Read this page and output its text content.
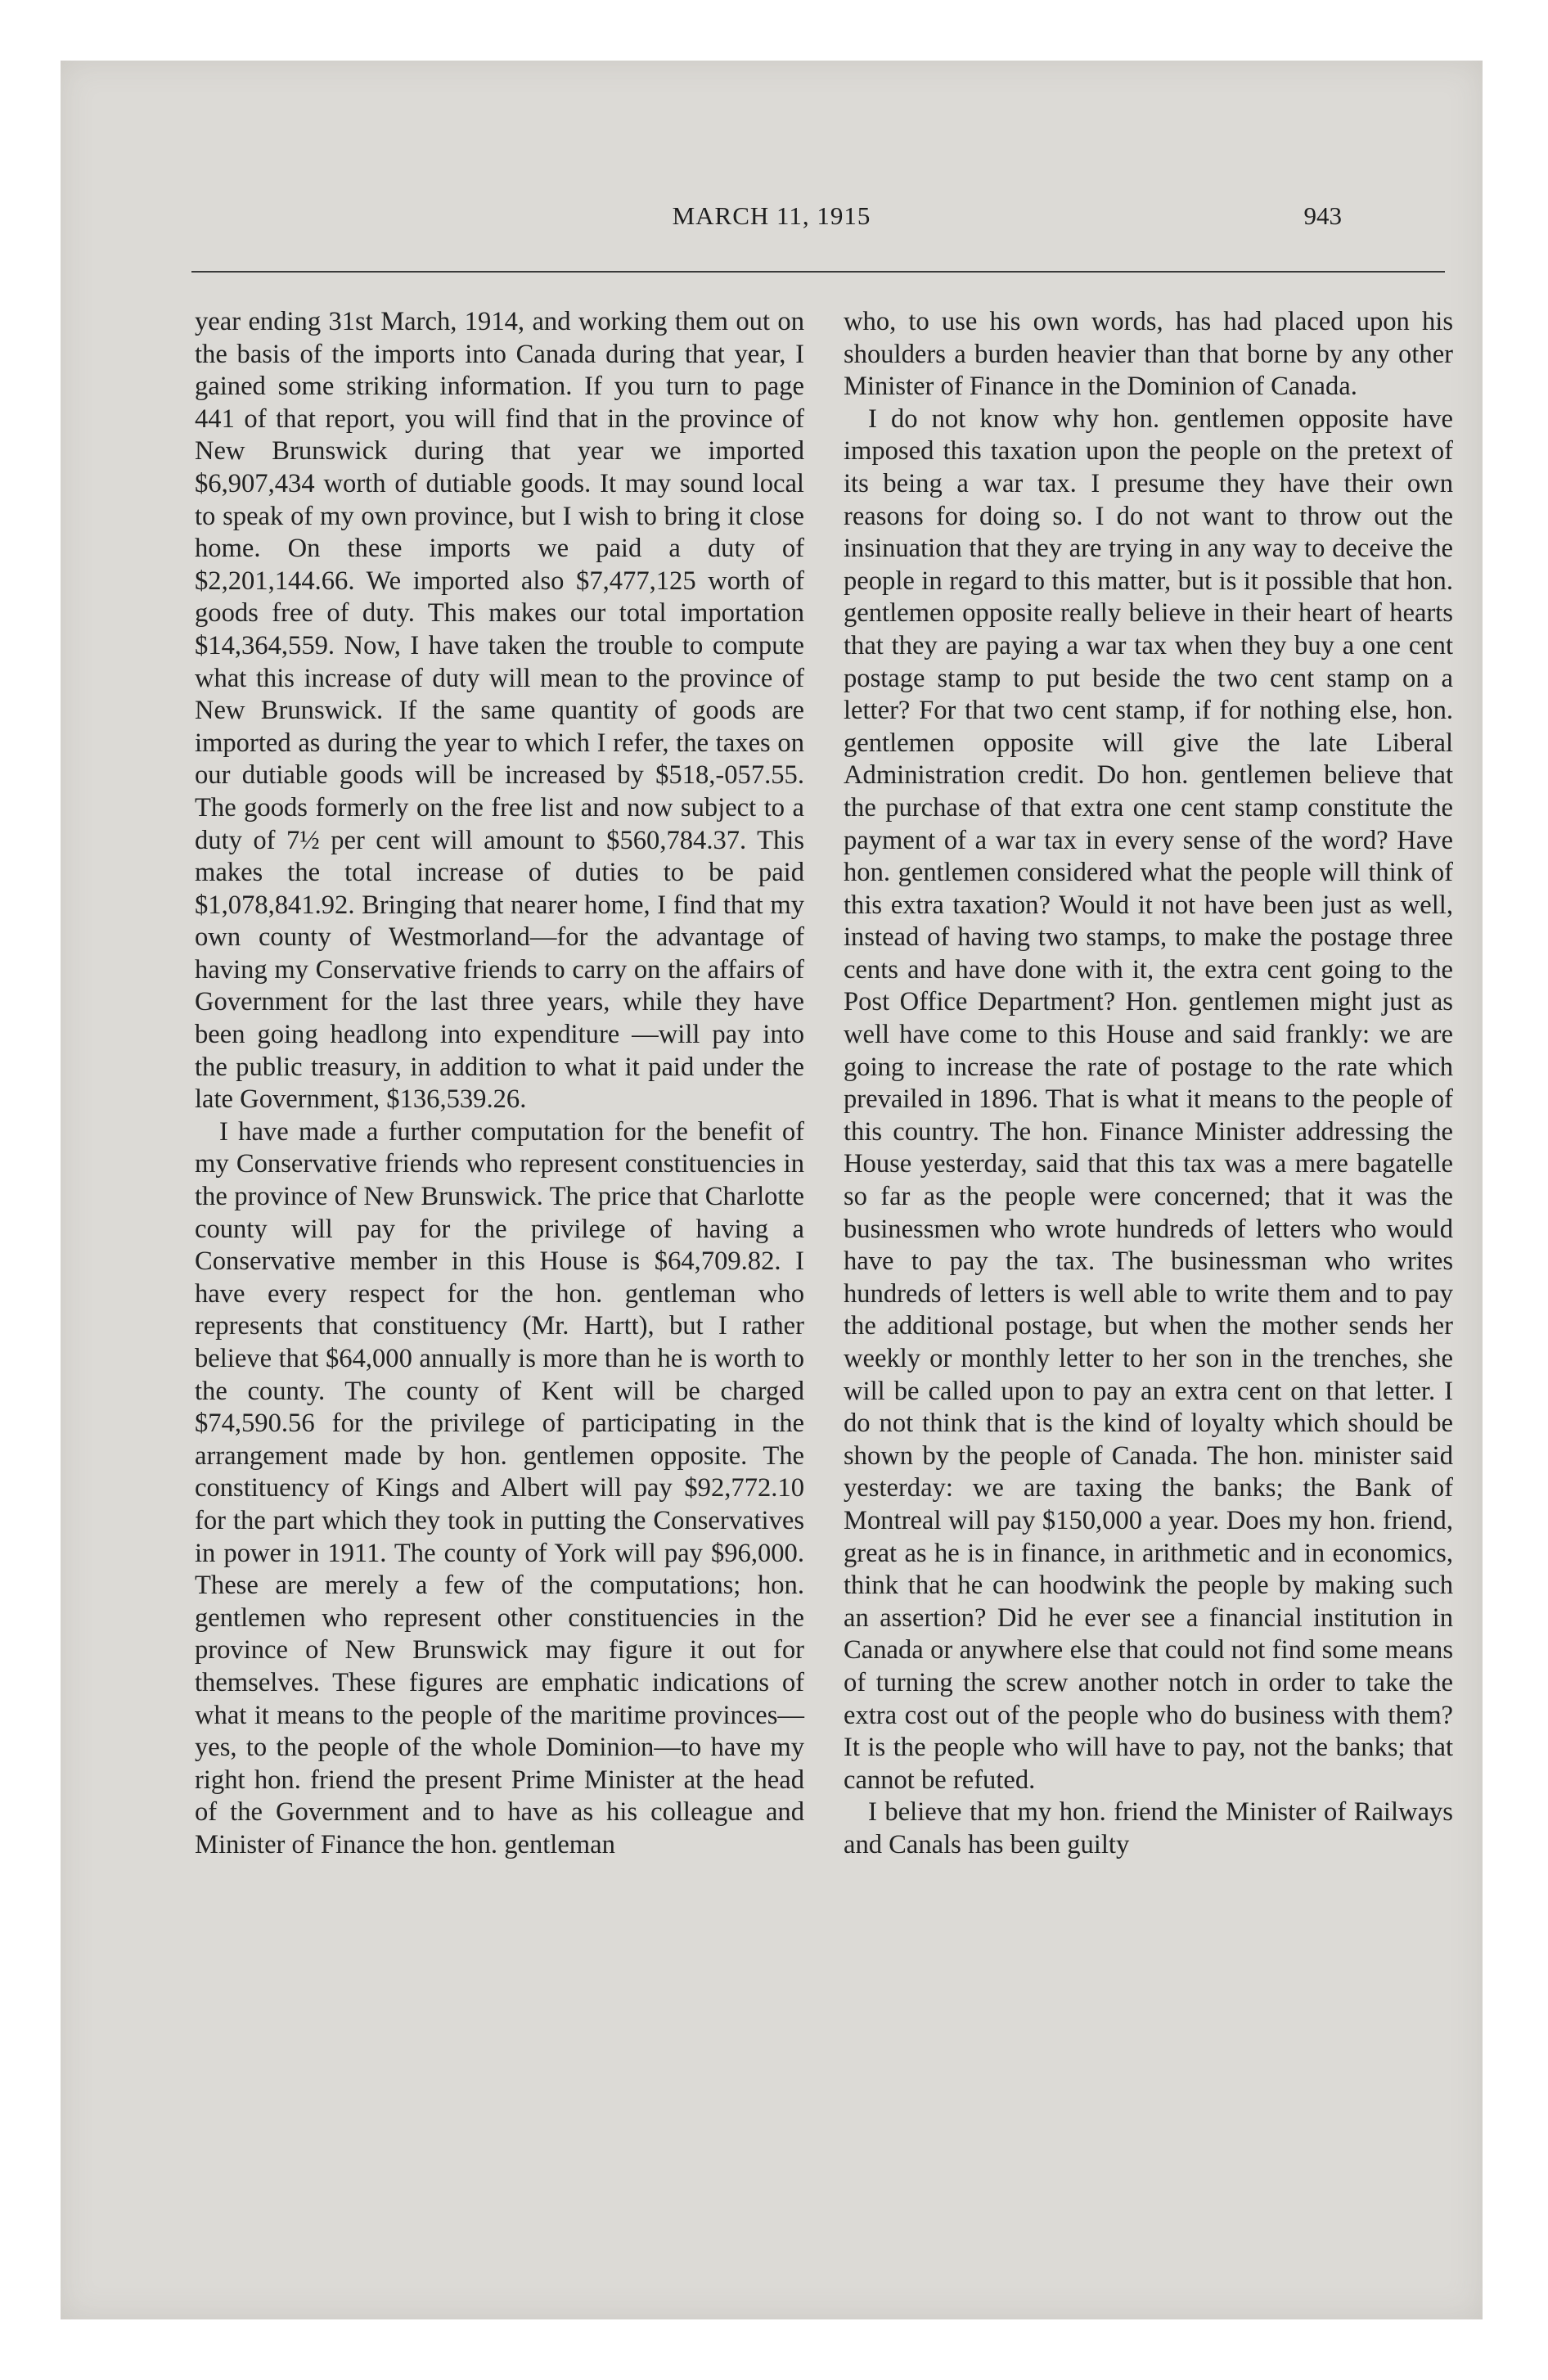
MARCH 11, 1915	943

year ending 31st March, 1914, and working them out on the basis of the imports into Canada during that year, I gained some striking information. If you turn to page 441 of that report, you will find that in the province of New Brunswick during that year we imported $6,907,434 worth of dutiable goods. It may sound local to speak of my own province, but I wish to bring it close home. On these imports we paid a duty of $2,201,144.66. We imported also $7,477,125 worth of goods free of duty. This makes our total importation $14,364,559. Now, I have taken the trouble to compute what this increase of duty will mean to the province of New Brunswick. If the same quantity of goods are imported as during the year to which I refer, the taxes on our dutiable goods will be increased by $518,-057.55. The goods formerly on the free list and now subject to a duty of 7½ per cent will amount to $560,784.37. This makes the total increase of duties to be paid $1,078,841.92. Bringing that nearer home, I find that my own county of Westmorland—for the advantage of having my Conservative friends to carry on the affairs of Government for the last three years, while they have been going headlong into expenditure —will pay into the public treasury, in addition to what it paid under the late Government, $136,539.26.

I have made a further computation for the benefit of my Conservative friends who represent constituencies in the province of New Brunswick. The price that Charlotte county will pay for the privilege of having a Conservative member in this House is $64,709.82. I have every respect for the hon. gentleman who represents that constituency (Mr. Hartt), but I rather believe that $64,000 annually is more than he is worth to the county. The county of Kent will be charged $74,590.56 for the privilege of participating in the arrangement made by hon. gentlemen opposite. The constituency of Kings and Albert will pay $92,772.10 for the part which they took in putting the Conservatives in power in 1911. The county of York will pay $96,000. These are merely a few of the computations; hon. gentlemen who represent other constituencies in the province of New Brunswick may figure it out for themselves. These figures are emphatic indications of what it means to the people of the maritime provinces—yes, to the people of the whole Dominion—to have my right hon. friend the present Prime Minister at the head of the Government and to have as his colleague and Minister of Finance the hon. gentleman

who, to use his own words, has had placed upon his shoulders a burden heavier than that borne by any other Minister of Finance in the Dominion of Canada.

I do not know why hon. gentlemen opposite have imposed this taxation upon the people on the pretext of its being a war tax. I presume they have their own reasons for doing so. I do not want to throw out the insinuation that they are trying in any way to deceive the people in regard to this matter, but is it possible that hon. gentlemen opposite really believe in their heart of hearts that they are paying a war tax when they buy a one cent postage stamp to put beside the two cent stamp on a letter? For that two cent stamp, if for nothing else, hon. gentlemen opposite will give the late Liberal Administration credit. Do hon. gentlemen believe that the purchase of that extra one cent stamp constitute the payment of a war tax in every sense of the word? Have hon. gentlemen considered what the people will think of this extra taxation? Would it not have been just as well, instead of having two stamps, to make the postage three cents and have done with it, the extra cent going to the Post Office Department? Hon. gentlemen might just as well have come to this House and said frankly: we are going to increase the rate of postage to the rate which prevailed in 1896. That is what it means to the people of this country. The hon. Finance Minister addressing the House yesterday, said that this tax was a mere bagatelle so far as the people were concerned; that it was the businessmen who wrote hundreds of letters who would have to pay the tax. The businessman who writes hundreds of letters is well able to write them and to pay the additional postage, but when the mother sends her weekly or monthly letter to her son in the trenches, she will be called upon to pay an extra cent on that letter. I do not think that is the kind of loyalty which should be shown by the people of Canada. The hon. minister said yesterday: we are taxing the banks; the Bank of Montreal will pay $150,000 a year. Does my hon. friend, great as he is in finance, in arithmetic and in economics, think that he can hoodwink the people by making such an assertion? Did he ever see a financial institution in Canada or anywhere else that could not find some means of turning the screw another notch in order to take the extra cost out of the people who do business with them? It is the people who will have to pay, not the banks; that cannot be refuted.

I believe that my hon. friend the Minister of Railways and Canals has been guilty
